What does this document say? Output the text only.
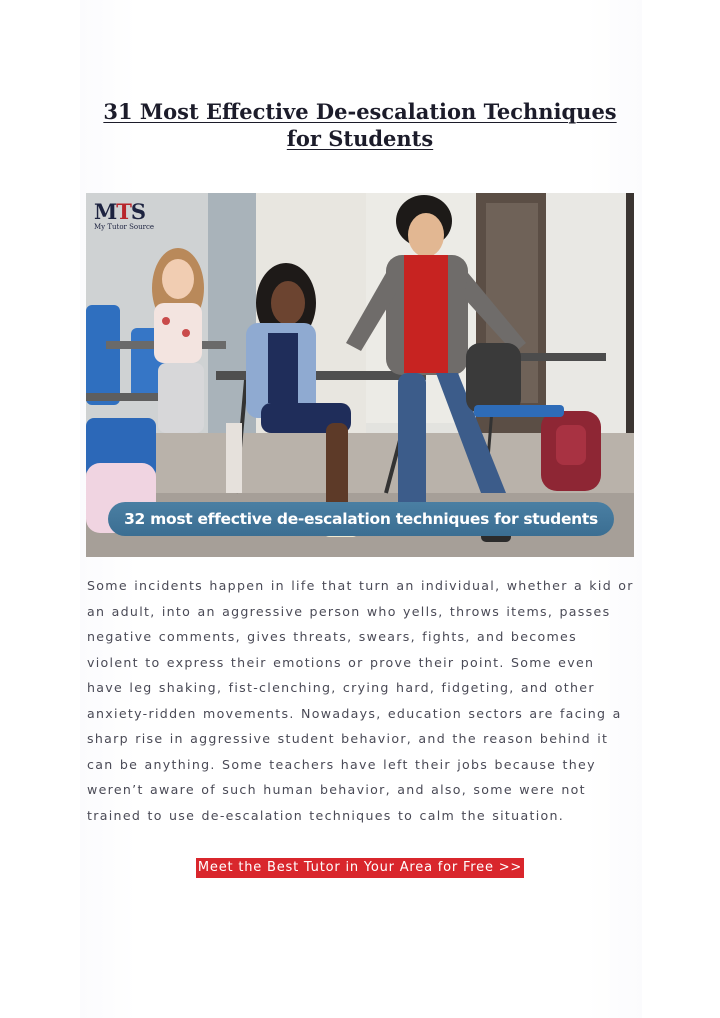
31 Most Effective De-escalation Techniques for Students
MTS
My Tutor Source
32 most effective de-escalation techniques for students

Some incidents happen in life that turn an individual, whether a kid or an adult, into an aggressive person who yells, throws items, passes negative comments, gives threats, swears, fights, and becomes violent to express their emotions or prove their point. Some even have leg shaking, fist-clenching, crying hard, fidgeting, and other anxiety-ridden movements. Nowadays, education sectors are facing a sharp rise in aggressive student behavior, and the reason behind it can be anything. Some teachers have left their jobs because they weren’t aware of such human behavior, and also, some were not trained to use de-escalation techniques to calm the situation.

Meet the Best Tutor in Your Area for Free >>
